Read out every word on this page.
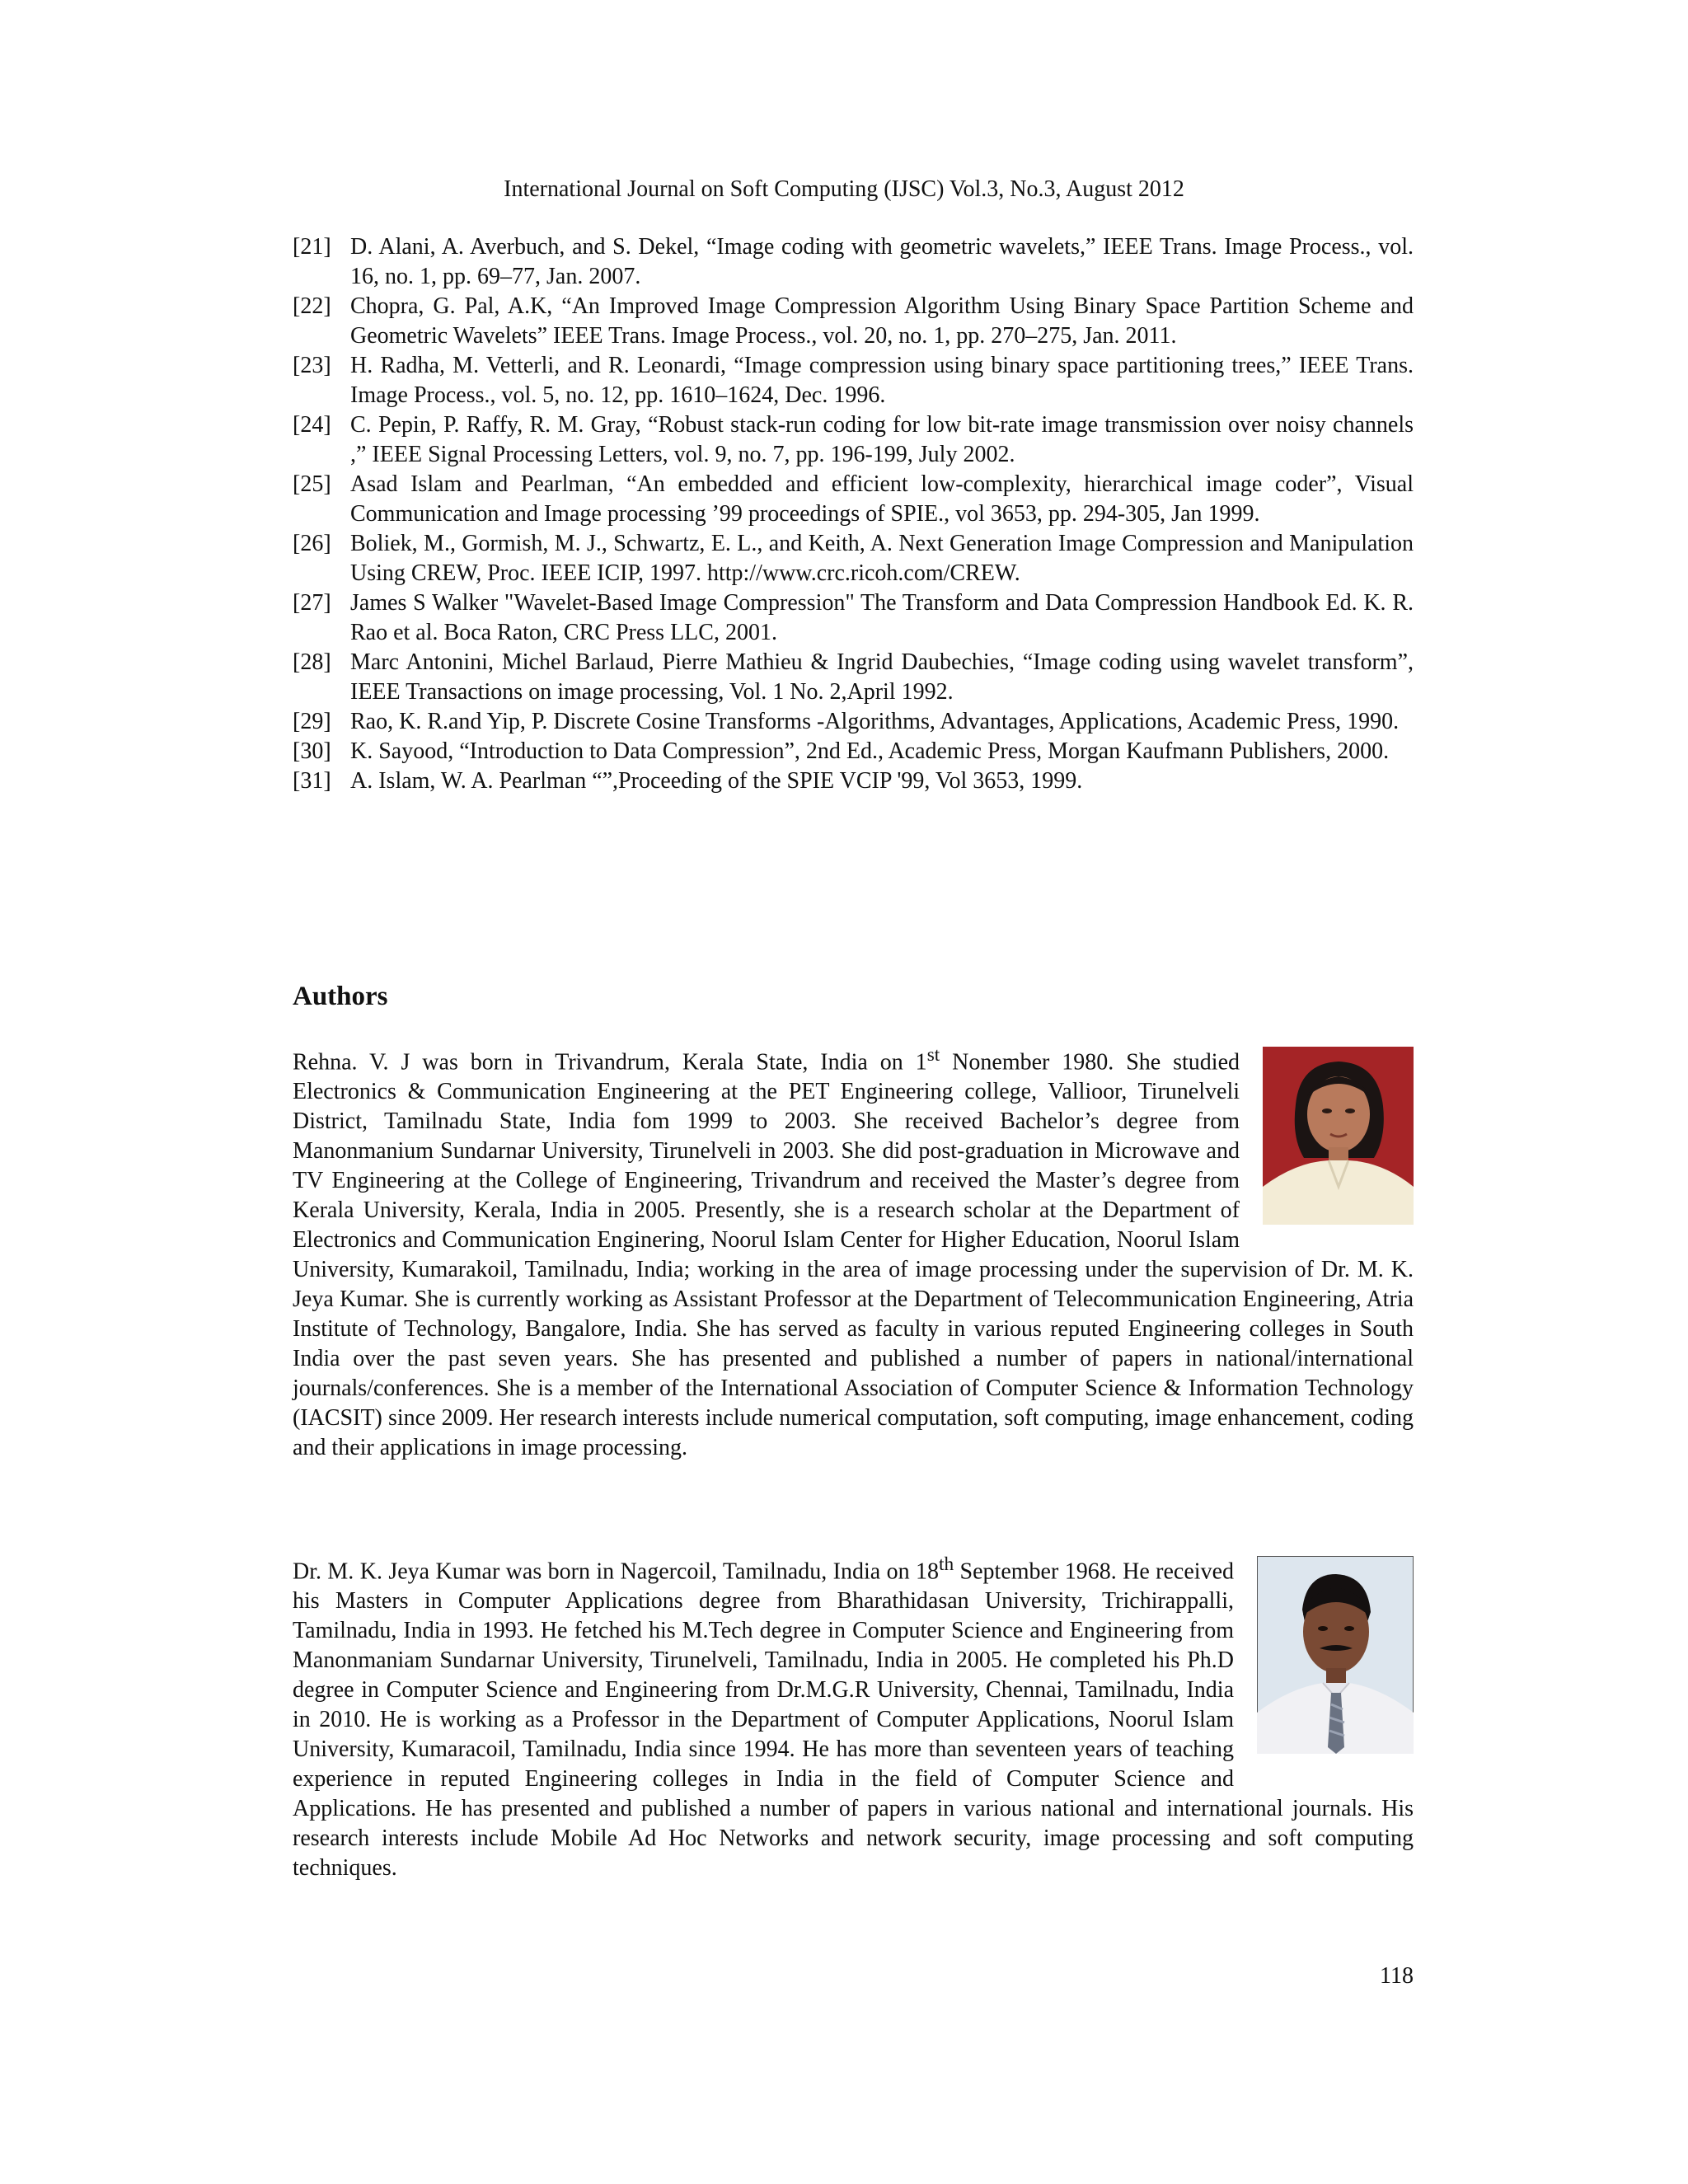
International Journal on Soft Computing (IJSC) Vol.3, No.3, August 2012
[21] D. Alani, A. Averbuch, and S. Dekel, “Image coding with geometric wavelets,” IEEE Trans. Image Process., vol. 16, no. 1, pp. 69–77, Jan. 2007.
[22] Chopra, G. Pal, A.K, “An Improved Image Compression Algorithm Using Binary Space Partition Scheme and Geometric Wavelets” IEEE Trans. Image Process., vol. 20, no. 1, pp. 270–275, Jan. 2011.
[23] H. Radha, M. Vetterli, and R. Leonardi, “Image compression using binary space partitioning trees,” IEEE Trans. Image Process., vol. 5, no. 12, pp. 1610–1624, Dec. 1996.
[24] C. Pepin, P. Raffy, R. M. Gray, “Robust stack-run coding for low bit-rate image transmission over noisy channels ,” IEEE Signal Processing Letters, vol. 9, no. 7, pp. 196-199, July 2002.
[25] Asad Islam and Pearlman, “An embedded and efficient low-complexity, hierarchical image coder”, Visual Communication and Image processing ’99 proceedings of SPIE., vol 3653, pp. 294-305, Jan 1999.
[26] Boliek, M., Gormish, M. J., Schwartz, E. L., and Keith, A. Next Generation Image Compression and Manipulation Using CREW, Proc. IEEE ICIP, 1997. http://www.crc.ricoh.com/CREW.
[27] James S Walker "Wavelet-Based Image Compression" The Transform and Data Compression Handbook Ed. K. R. Rao et al. Boca Raton, CRC Press LLC, 2001.
[28] Marc Antonini, Michel Barlaud, Pierre Mathieu & Ingrid Daubechies, “Image coding using wavelet transform”, IEEE Transactions on image processing, Vol. 1 No. 2,April 1992.
[29] Rao, K. R.and Yip, P. Discrete Cosine Transforms -Algorithms, Advantages, Applications, Academic Press, 1990.
[30] K. Sayood, “Introduction to Data Compression”, 2nd Ed., Academic Press, Morgan Kaufmann Publishers, 2000.
[31] A. Islam, W. A. Pearlman “”,Proceeding of the SPIE VCIP '99, Vol 3653, 1999.
Authors

Rehna. V. J was born in Trivandrum, Kerala State, India on 1st Nonember 1980. She studied Electronics & Communication Engineering at the PET Engineering college, Vallioor, Tirunelveli District, Tamilnadu State, India fom 1999 to 2003. She received Bachelor’s degree from Manonmanium Sundarnar University, Tirunelveli in 2003. She did post-graduation in Microwave and TV Engineering at the College of Engineering, Trivandrum and received the Master’s degree from Kerala University, Kerala, India in 2005. Presently, she is a research scholar at the Department of Electronics and Communication Enginering, Noorul Islam Center for Higher Education, Noorul Islam University, Kumarakoil, Tamilnadu, India; working in the area of image processing under the supervision of Dr. M. K. Jeya Kumar. She is currently working as Assistant Professor at the Department of Telecommunication Engineering, Atria Institute of Technology, Bangalore, India. She has served as faculty in various reputed Engineering colleges in South India over the past seven years. She has presented and published a number of papers in national/international journals/conferences. She is a member of the International Association of Computer Science & Information Technology (IACSIT) since 2009. Her research interests include numerical computation, soft computing, image enhancement, coding and their applications in image processing.

Dr. M. K. Jeya Kumar was born in Nagercoil, Tamilnadu, India on 18th September 1968. He received his Masters in Computer Applications degree from Bharathidasan University, Trichirappalli, Tamilnadu, India in 1993. He fetched his M.Tech degree in Computer Science and Engineering from Manonmaniam Sundarnar University, Tirunelveli, Tamilnadu, India in 2005. He completed his Ph.D degree in Computer Science and Engineering from Dr.M.G.R University, Chennai, Tamilnadu, India in 2010. He is working as a Professor in the Department of Computer Applications, Noorul Islam University, Kumaracoil, Tamilnadu, India since 1994. He has more than seventeen years of teaching experience in reputed Engineering colleges in India in the field of Computer Science and Applications. He has presented and published a number of papers in various national and international journals. His research interests include Mobile Ad Hoc Networks and network security, image processing and soft computing techniques.

118
